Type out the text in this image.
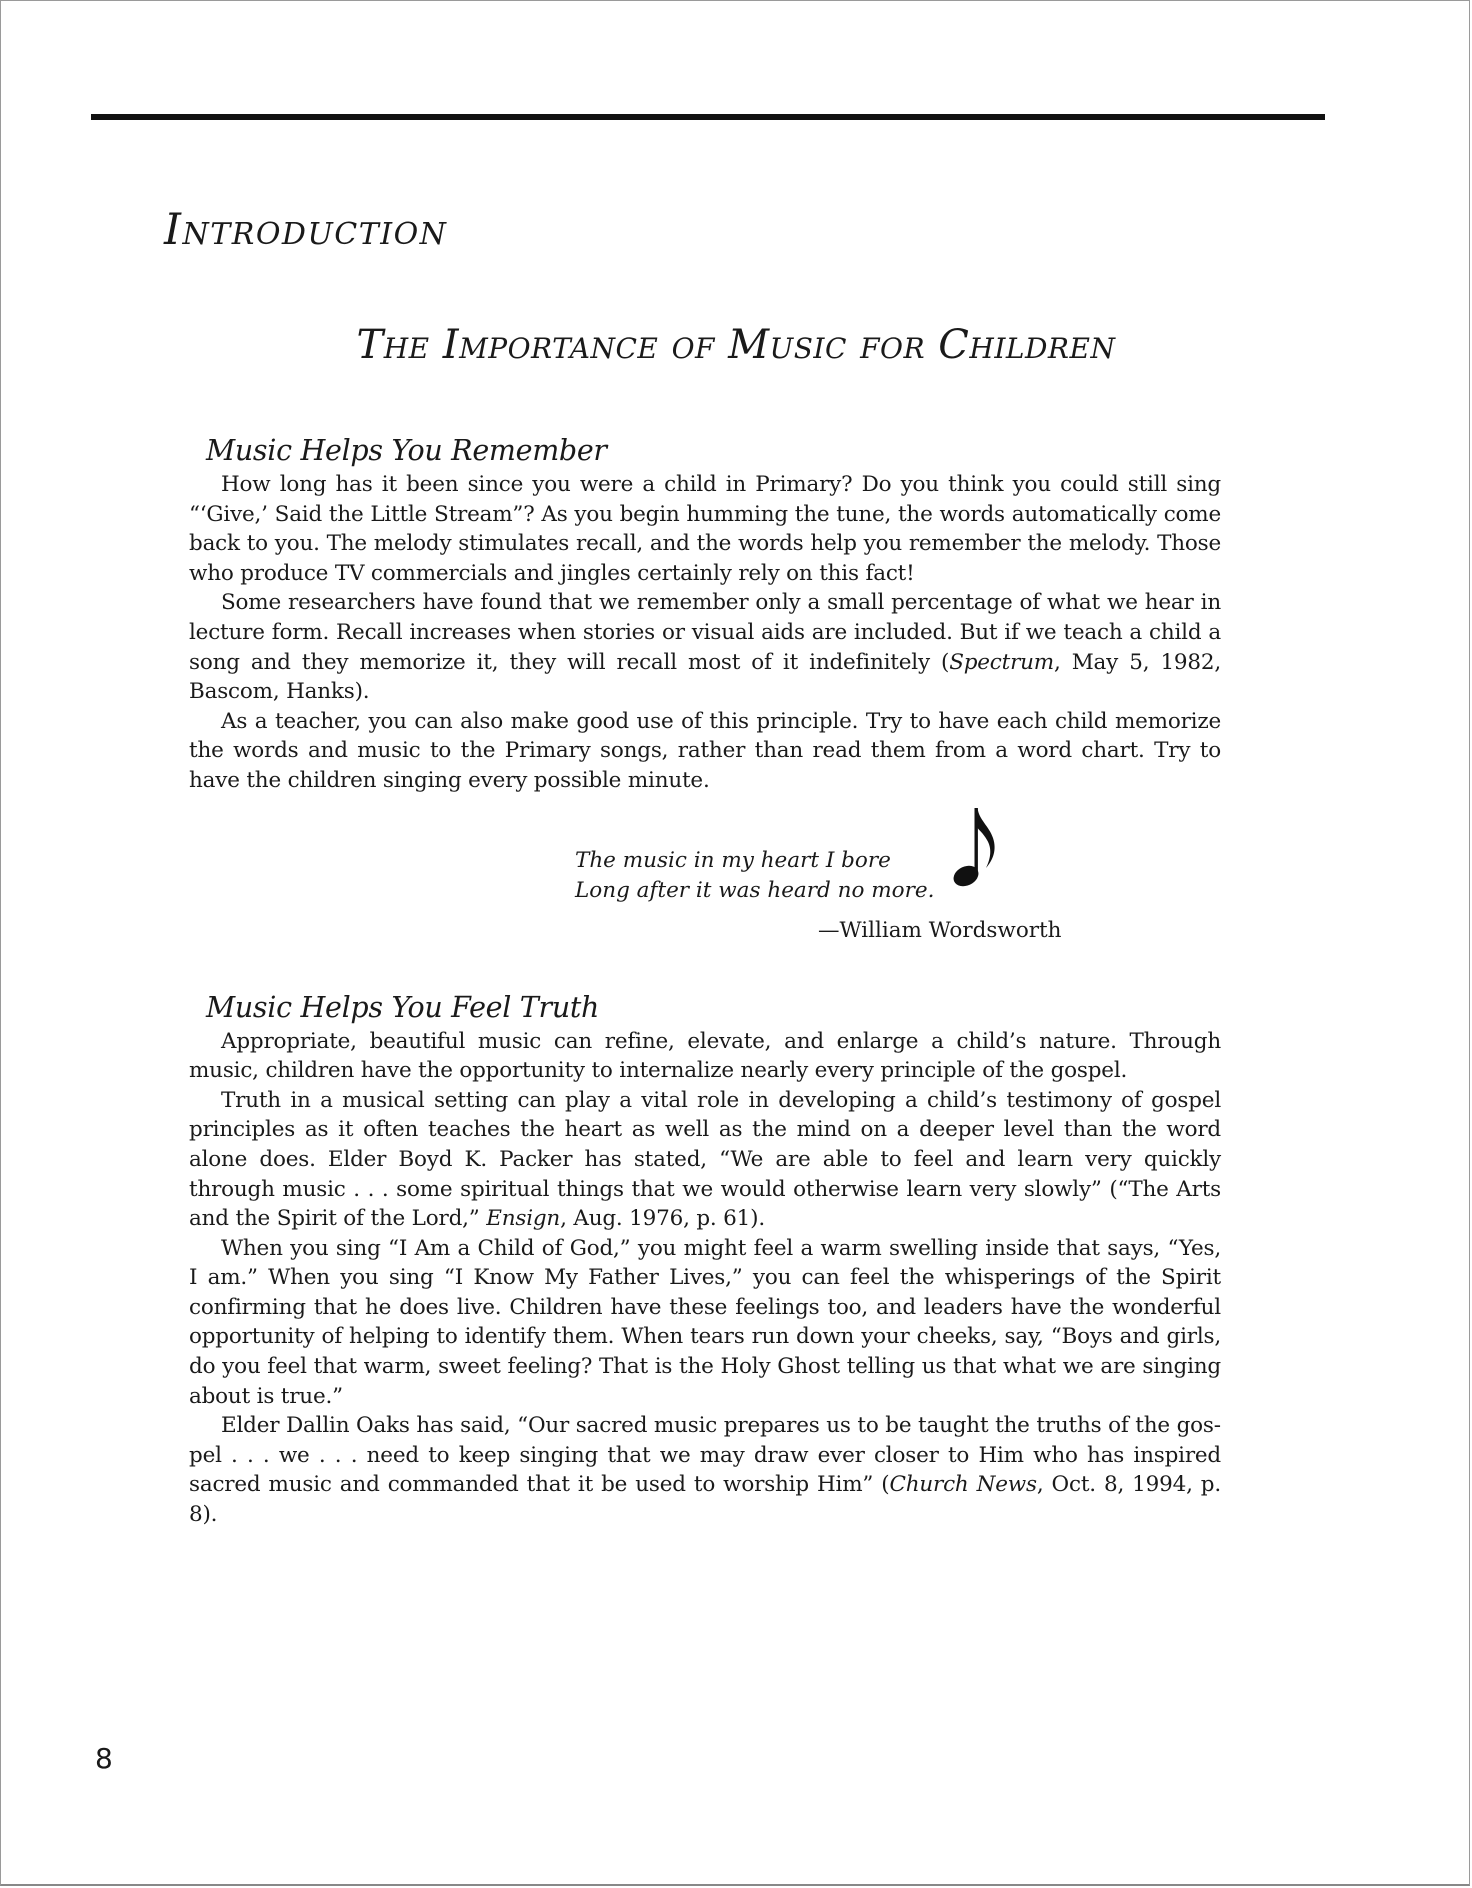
Introduction
The Importance of Music for Children
Music Helps You Remember

How long has it been since you were a child in Primary? Do you think you could still sing “‘Give,’ Said the Little Stream”? As you begin humming the tune, the words automatically come back to you. The melody stimulates recall, and the words help you remember the melody. Those who produce TV commercials and jingles certainly rely on this fact!

Some researchers have found that we remember only a small percentage of what we hear in lecture form. Recall increases when stories or visual aids are included. But if we teach a child a song and they memorize it, they will recall most of it indefinitely (Spectrum, May 5, 1982, Bascom, Hanks).

As a teacher, you can also make good use of this principle. Try to have each child memorize the words and music to the Primary songs, rather than read them from a word chart. Try to have the children singing every possible minute.

The music in my heart I bore

Long after it was heard no more.

—William Wordsworth

Music Helps You Feel Truth

Appropriate, beautiful music can refine, elevate, and enlarge a child’s nature. Through music, children have the opportunity to internalize nearly every principle of the gospel.

Truth in a musical setting can play a vital role in developing a child’s testimony of gospel principles as it often teaches the heart as well as the mind on a deeper level than the word alone does. Elder Boyd K. Packer has stated, “We are able to feel and learn very quickly through music . . . some spiritual things that we would otherwise learn very slowly” (“The Arts and the Spirit of the Lord,” Ensign, Aug. 1976, p. 61).

When you sing “I Am a Child of God,” you might feel a warm swelling inside that says, “Yes, I am.” When you sing “I Know My Father Lives,” you can feel the whisperings of the Spirit confirming that he does live. Children have these feelings too, and leaders have the wonderful opportunity of helping to identify them. When tears run down your cheeks, say, “Boys and girls, do you feel that warm, sweet feeling? That is the Holy Ghost telling us that what we are singing about is true.”

Elder Dallin Oaks has said, “Our sacred music prepares us to be taught the truths of the gospel . . . we . . . need to keep singing that we may draw ever closer to Him who has inspired sacred music and commanded that it be used to worship Him” (Church News, Oct. 8, 1994, p. 8).

8
